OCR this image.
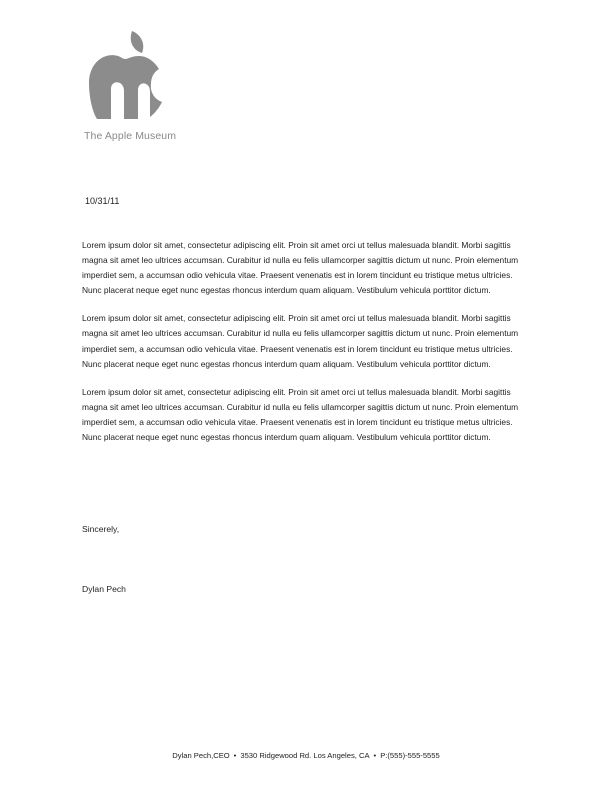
The Apple Museum
10/31/11

Lorem ipsum dolor sit amet, consectetur adipiscing elit. Proin sit amet orci ut tellus malesuada blandit. Morbi sagittis magna sit amet leo ultrices accumsan. Curabitur id nulla eu felis ullamcorper sagittis dictum ut nunc. Proin elementum imperdiet sem, a accumsan odio vehicula vitae. Praesent venenatis est in lorem tincidunt eu tristique metus ultricies. Nunc placerat neque eget nunc egestas rhoncus interdum quam aliquam. Vestibulum vehicula porttitor dictum.

Lorem ipsum dolor sit amet, consectetur adipiscing elit. Proin sit amet orci ut tellus malesuada blandit. Morbi sagittis magna sit amet leo ultrices accumsan. Curabitur id nulla eu felis ullamcorper sagittis dictum ut nunc. Proin elementum imperdiet sem, a accumsan odio vehicula vitae. Praesent venenatis est in lorem tincidunt eu tristique metus ultricies. Nunc placerat neque eget nunc egestas rhoncus interdum quam aliquam. Vestibulum vehicula porttitor dictum.

Lorem ipsum dolor sit amet, consectetur adipiscing elit. Proin sit amet orci ut tellus malesuada blandit. Morbi sagittis magna sit amet leo ultrices accumsan. Curabitur id nulla eu felis ullamcorper sagittis dictum ut nunc. Proin elementum imperdiet sem, a accumsan odio vehicula vitae. Praesent venenatis est in lorem tincidunt eu tristique metus ultricies. Nunc placerat neque eget nunc egestas rhoncus interdum quam aliquam. Vestibulum vehicula porttitor dictum.

Sincerely,
Dylan Pech
Dylan Pech,CEO • 3530 Ridgewood Rd. Los Angeles, CA • P:(555)-555-5555
